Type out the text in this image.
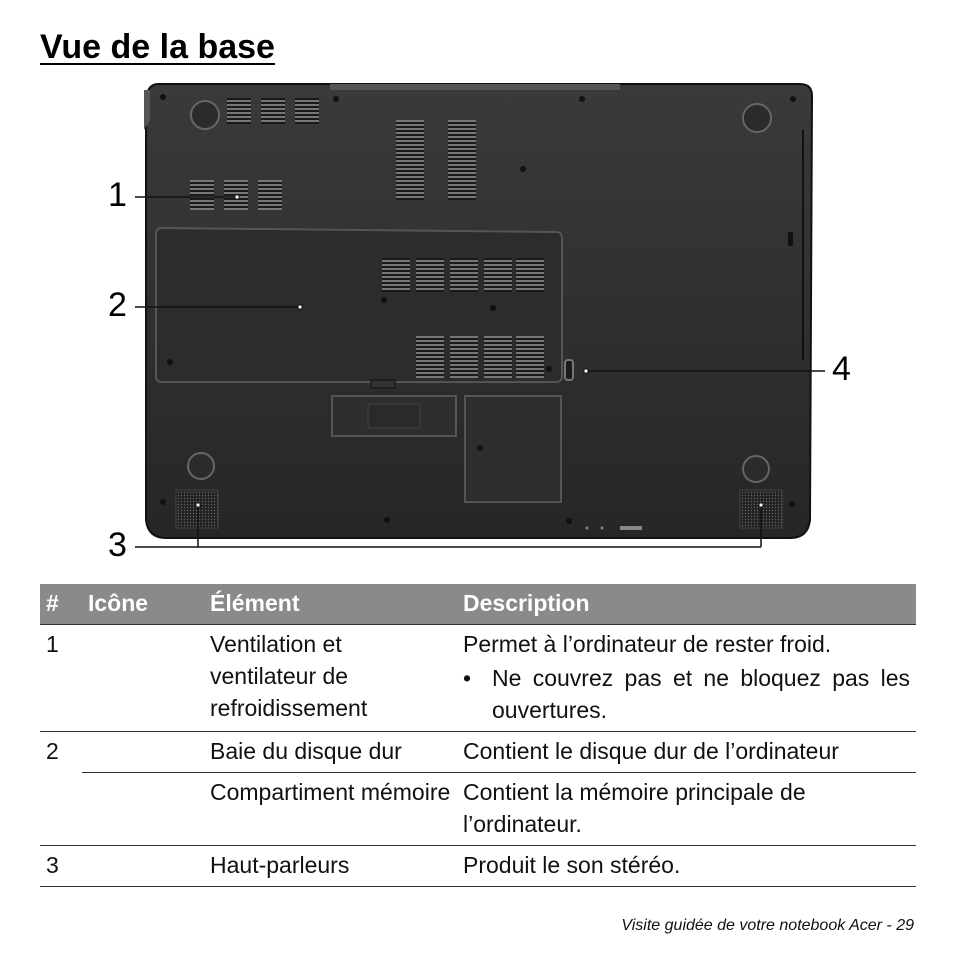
Vue de la base
1
2
3
4
#	Icône	Élément	Description
1		Ventilation et ventilateur de refroidissement	Permet à l’ordinateur de rester froid.
• Ne couvrez pas et ne bloquez pas les ouvertures.

2		Baie du disque dur	Contient le disque dur de l’ordinateur
		Compartiment mémoire	Contient la mémoire principale de l’ordinateur.
3		Haut-parleurs	Produit le son stéréo.
Visite guidée de votre notebook Acer - 29
